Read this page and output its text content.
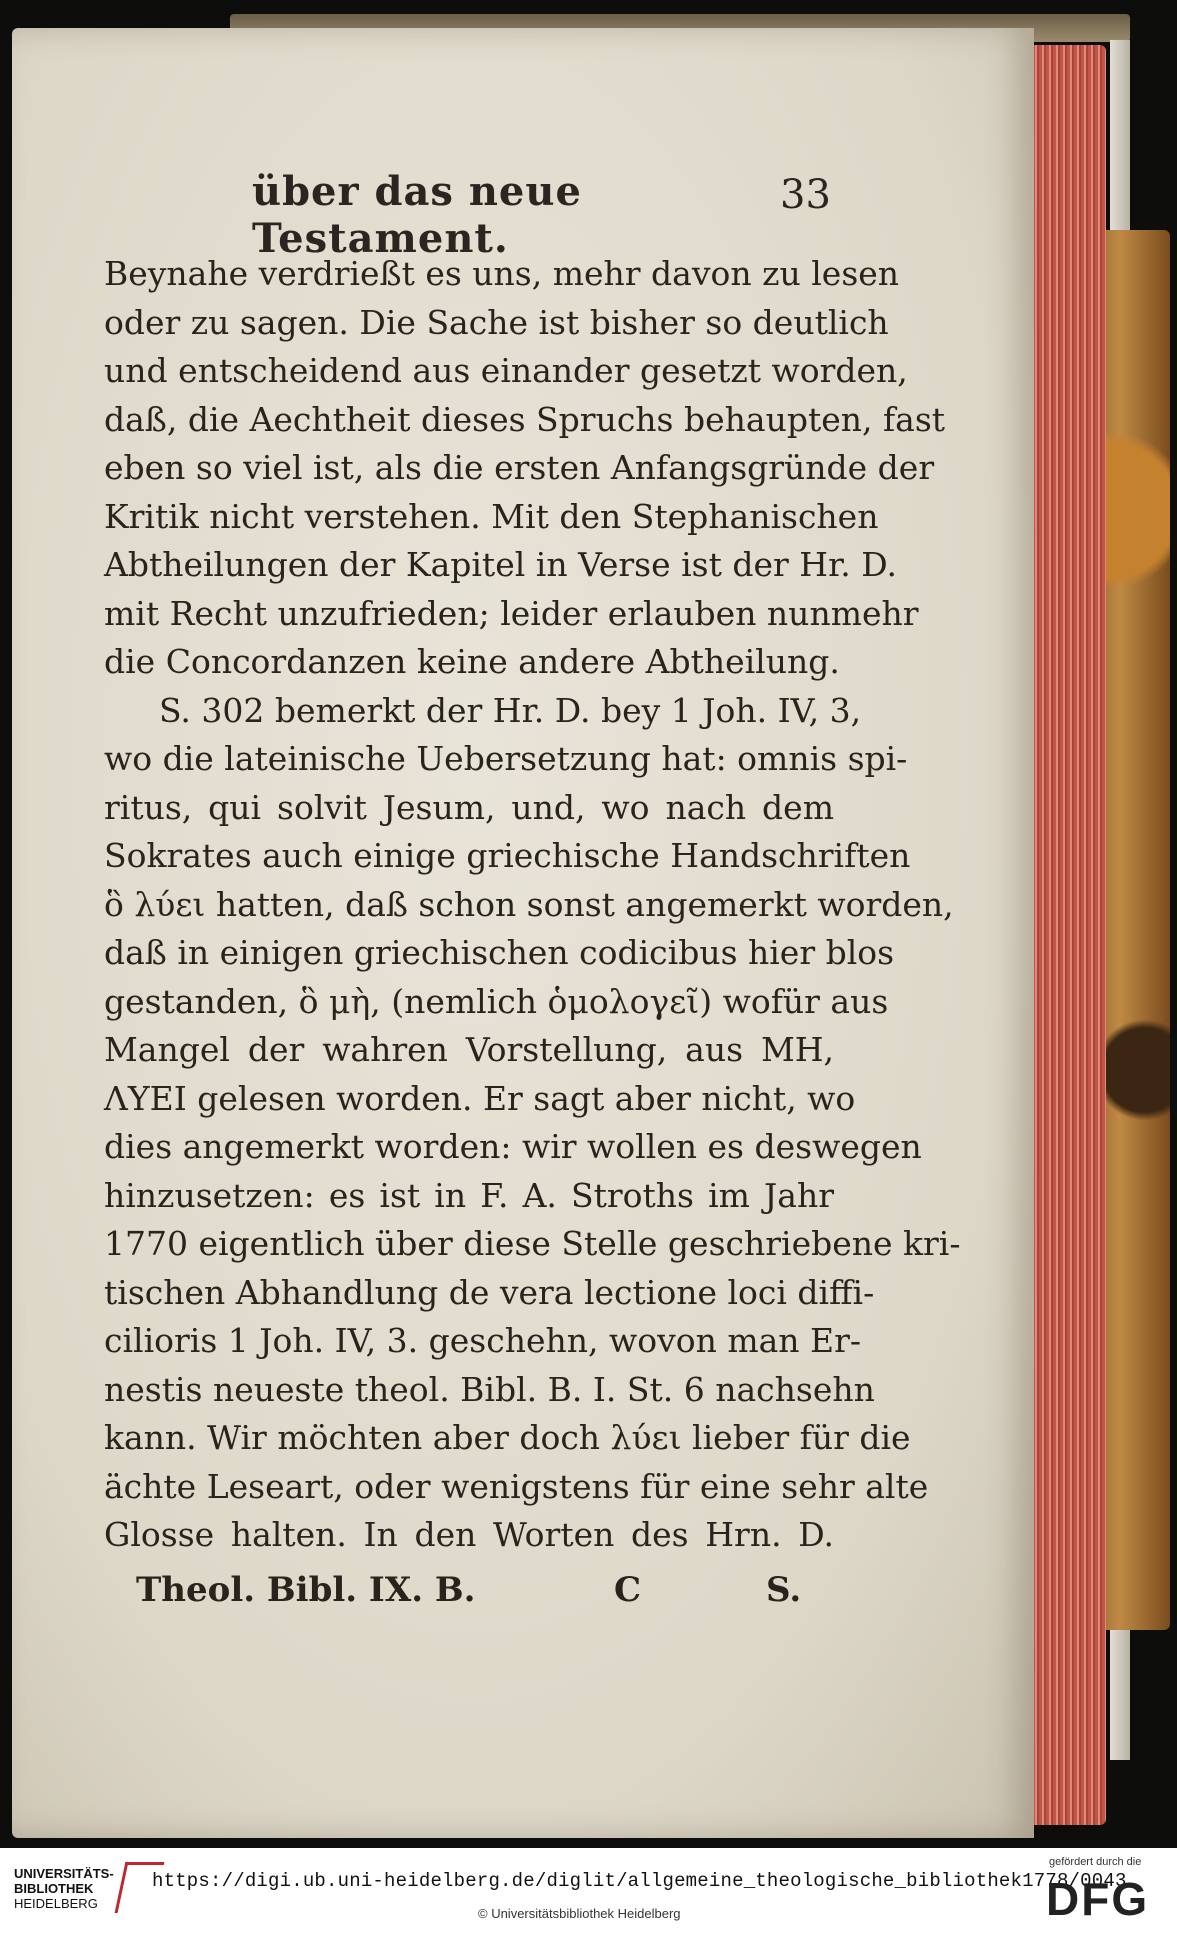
über das neue Testament.
33
Beynahe verdrießt es uns, mehr davon zu lesen
oder zu sagen. Die Sache ist bisher so deutlich
und entscheidend aus einander gesetzt worden,
daß, die Aechtheit dieses Spruchs behaupten, fast
eben so viel ist, als die ersten Anfangsgründe der
Kritik nicht verstehen. Mit den Stephanischen
Abtheilungen der Kapitel in Verse ist der Hr. D.
mit Recht unzufrieden; leider erlauben nunmehr
die Concordanzen keine andere Abtheilung.
S. 302 bemerkt der Hr. D. bey 1 Joh. IV, 3,
wo die lateinische Uebersetzung hat: omnis spi-
ritus, qui solvit Jesum, und, wo nach dem
Sokrates auch einige griechische Handschriften
ὃ λύει hatten, daß schon sonst angemerkt worden,
daß in einigen griechischen codicibus hier blos
gestanden, ὃ μὴ, (nemlich ὁμολογεῖ) wofür aus
Mangel der wahren Vorstellung, aus MH,
ΛΥΕΙ gelesen worden. Er sagt aber nicht, wo
dies angemerkt worden: wir wollen es deswegen
hinzusetzen: es ist in F. A. Stroths im Jahr
1770 eigentlich über diese Stelle geschriebene kri-
tischen Abhandlung de vera lectione loci diffi-
cilioris 1 Joh. IV, 3. geschehn, wovon man Er-
nestis neueste theol. Bibl. B. I. St. 6 nachsehn
kann. Wir möchten aber doch λύει lieber für die
ächte Leseart, oder wenigstens für eine sehr alte
Glosse halten. In den Worten des Hrn. D.
Theol. Bibl. IX. B.	C	S.
UNIVERSITÄTS-
BIBLIOTHEK
HEIDELBERG
https://digi.ub.uni-heidelberg.de/diglit/allgemeine_theologische_bibliothek1778/0043
© Universitätsbibliothek Heidelberg
gefördert durch die
DFG
